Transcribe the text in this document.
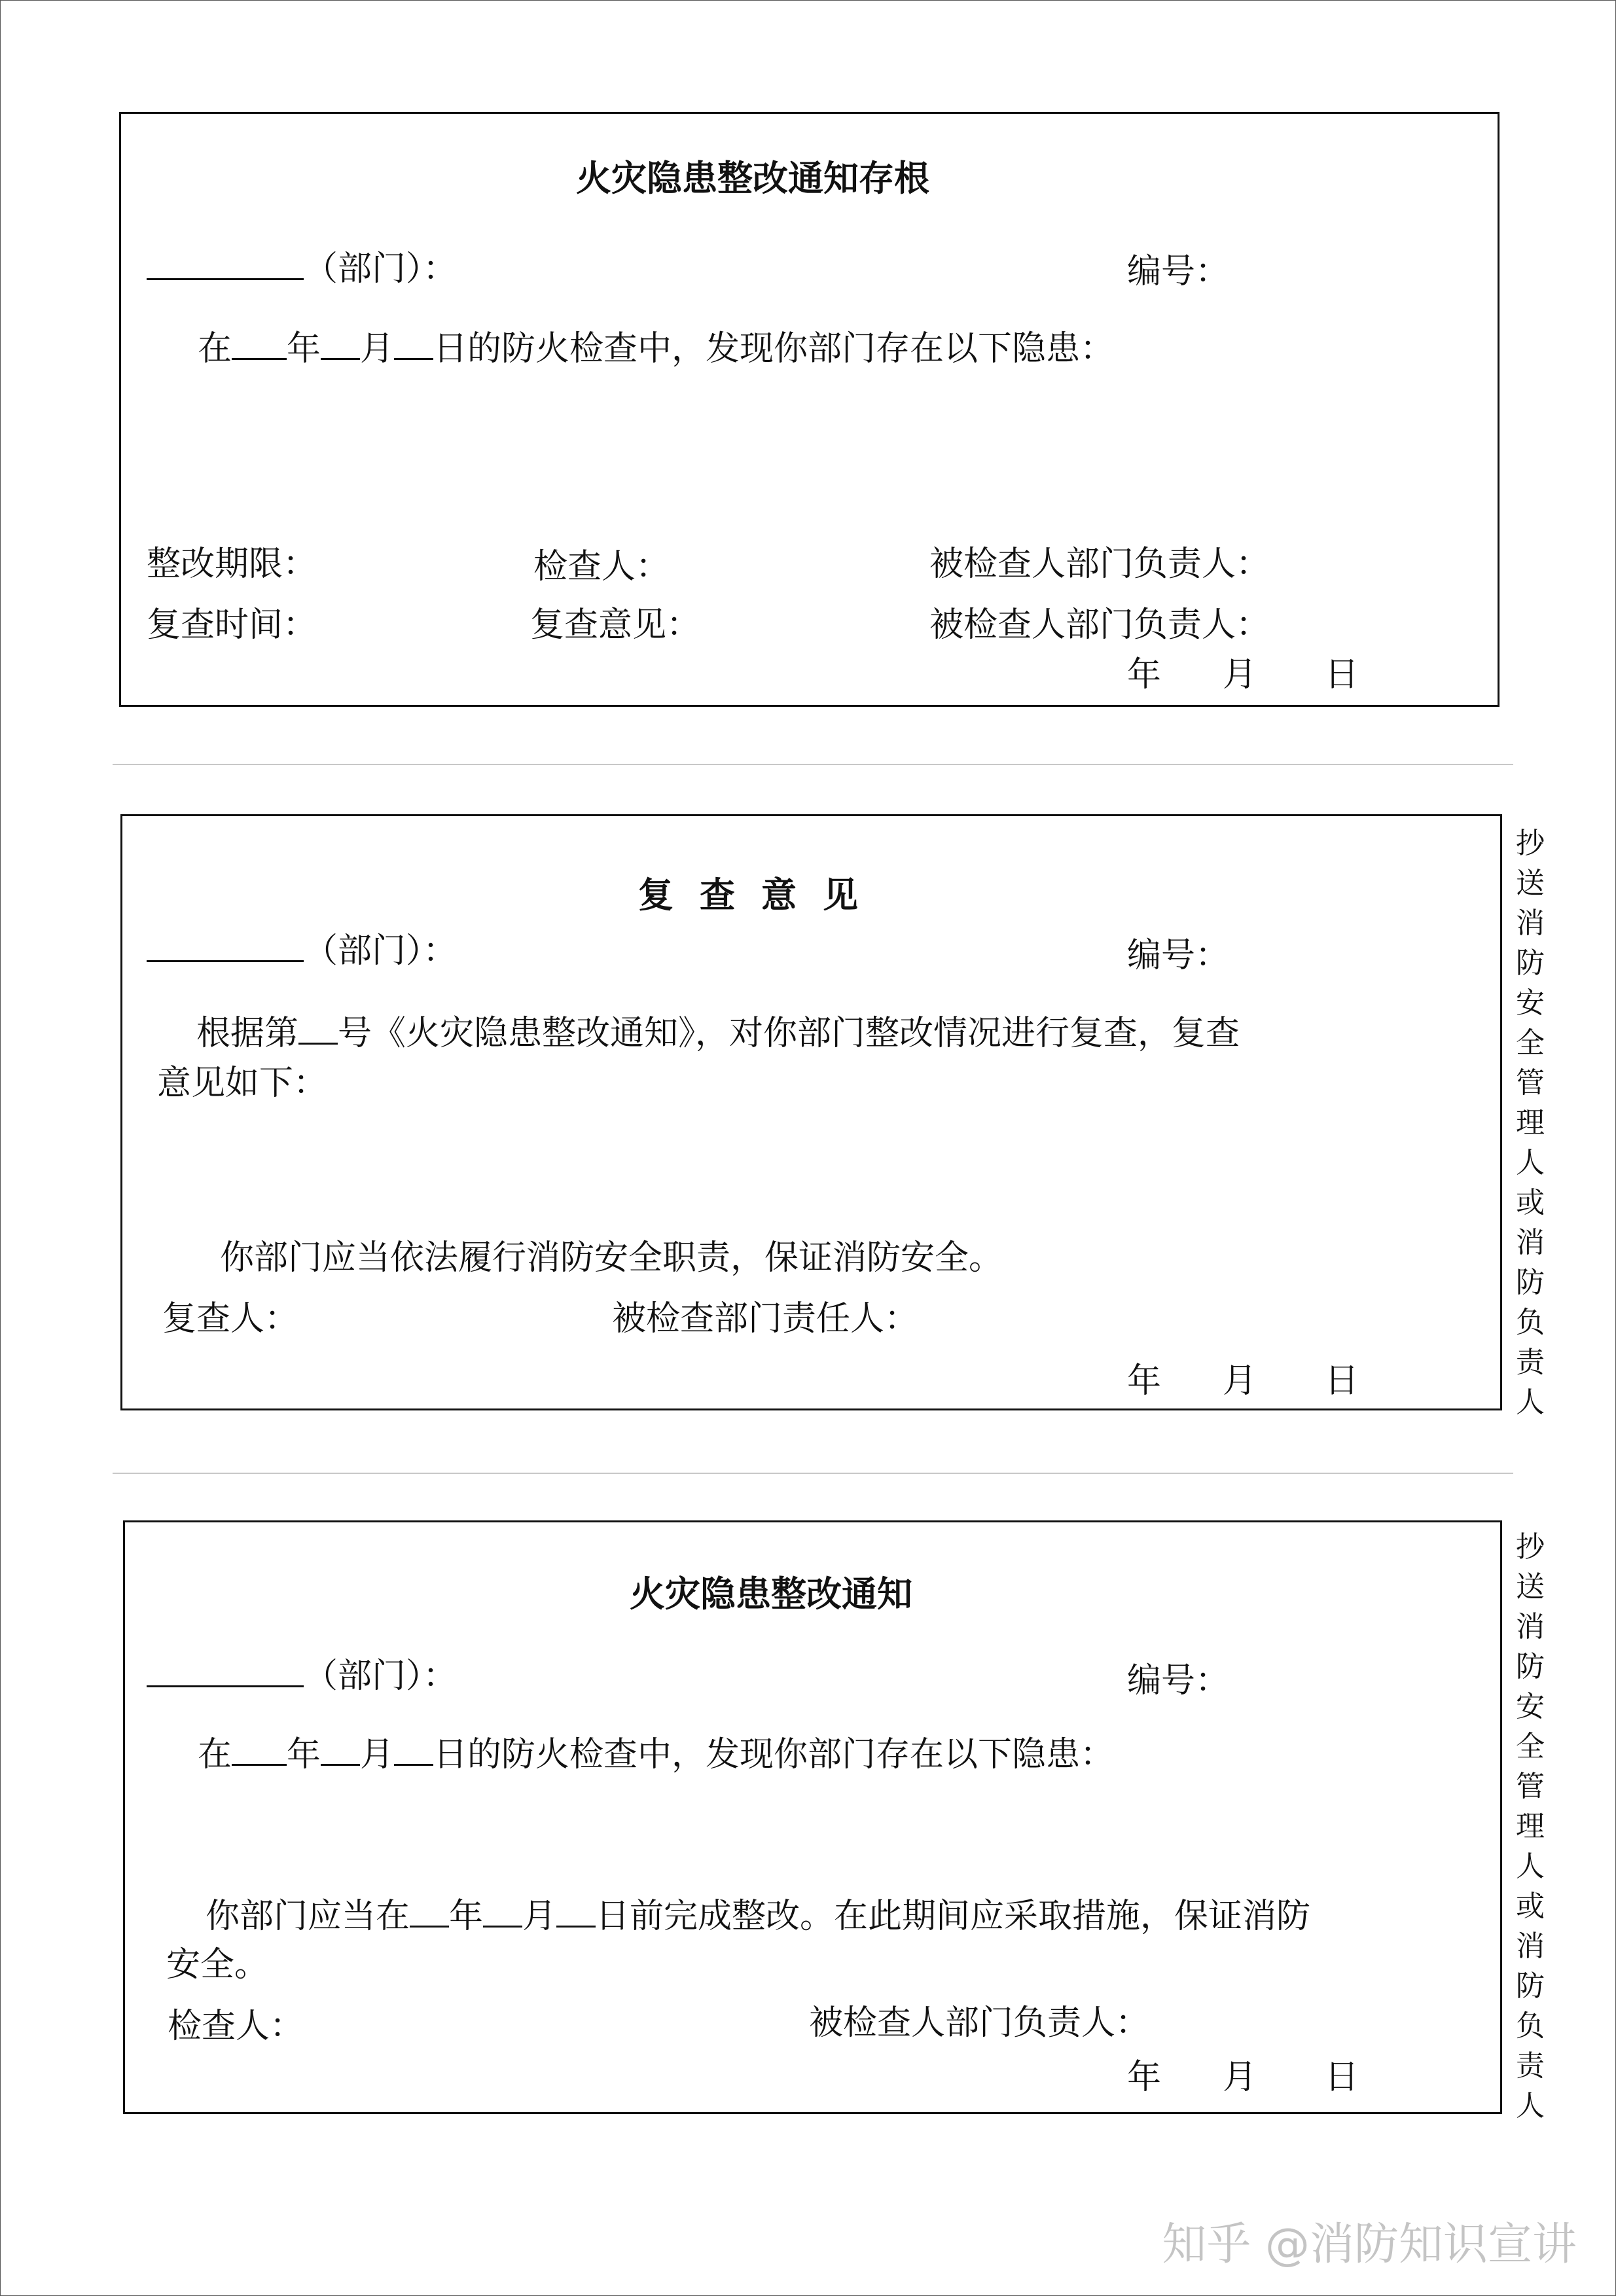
火灾隐患整改通知存根
（部门）：	编号：
在 年 月 日的防火检查中，发现你部门存在以下隐患：
整改期限：	检查人：	被检查人部门负责人：
复查时间：	复查意见：	被检查人部门负责人：
年 月 日
复查意见
（部门）：	编号：
根据第 号《火灾隐患整改通知》，对你部门整改情况进行复查，复查
意见如下：
你部门应当依法履行消防安全职责，保证消防安全。
复查人：	被检查部门责任人：
年 月 日
抄送消防安全管理人或消防负责人
火灾隐患整改通知
（部门）：	编号：
在 年 月 日的防火检查中，发现你部门存在以下隐患：
你部门应当在 年 月 日前完成整改。在此期间应采取措施，保证消防
安全。
检查人：	被检查人部门负责人：
年 月 日
抄送消防安全管理人或消防负责人
知乎 @消防知识宣讲
